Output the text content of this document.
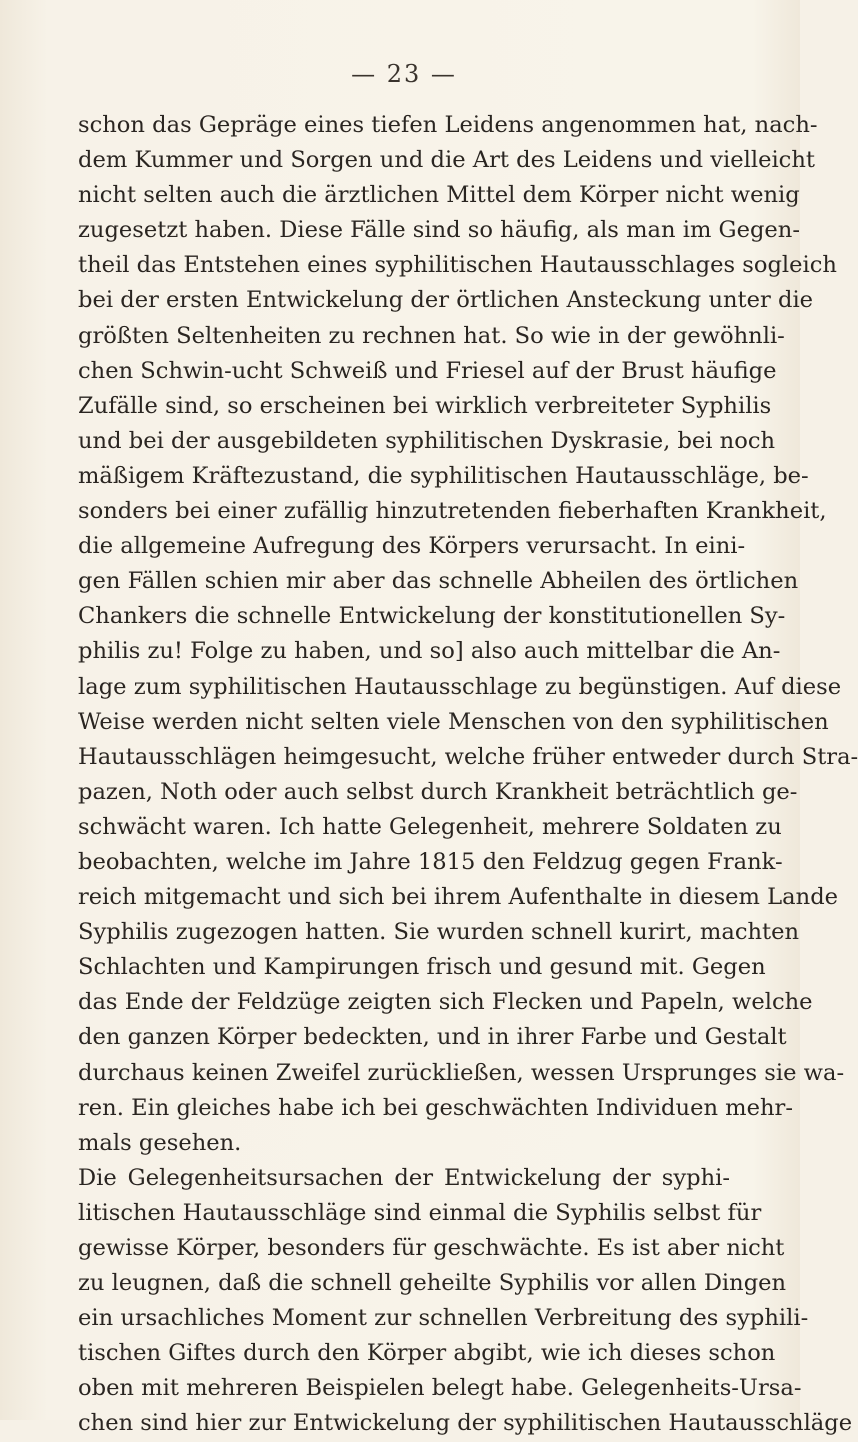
— 23 —
schon das Gepräge eines tiefen Leidens angenommen hat, nach-
dem Kummer und Sorgen und die Art des Leidens und vielleicht
nicht selten auch die ärztlichen Mittel dem Körper nicht wenig
zugesetzt haben. Diese Fälle sind so häufig, als man im Gegen-
theil das Entstehen eines syphilitischen Hautausschlages sogleich
bei der ersten Entwickelung der örtlichen Ansteckung unter die
größten Seltenheiten zu rechnen hat. So wie in der gewöhnli-
chen Schwin-ucht Schweiß und Friesel auf der Brust häufige
Zufälle sind, so erscheinen bei wirklich verbreiteter Syphilis
und bei der ausgebildeten syphilitischen Dyskrasie, bei noch
mäßigem Kräftezustand, die syphilitischen Hautausschläge, be-
sonders bei einer zufällig hinzutretenden fieberhaften Krankheit,
die allgemeine Aufregung des Körpers verursacht. In eini-
gen Fällen schien mir aber das schnelle Abheilen des örtlichen
Chankers die schnelle Entwickelung der konstitutionellen Sy-
philis zu! Folge zu haben, und so] also auch mittelbar die An-
lage zum syphilitischen Hautausschlage zu begünstigen. Auf diese
Weise werden nicht selten viele Menschen von den syphilitischen
Hautausschlägen heimgesucht, welche früher entweder durch Stra-
pazen, Noth oder auch selbst durch Krankheit beträchtlich ge-
schwächt waren. Ich hatte Gelegenheit, mehrere Soldaten zu
beobachten, welche im Jahre 1815 den Feldzug gegen Frank-
reich mitgemacht und sich bei ihrem Aufenthalte in diesem Lande
Syphilis zugezogen hatten. Sie wurden schnell kurirt, machten
Schlachten und Kampirungen frisch und gesund mit. Gegen
das Ende der Feldzüge zeigten sich Flecken und Papeln, welche
den ganzen Körper bedeckten, und in ihrer Farbe und Gestalt
durchaus keinen Zweifel zurückließen, wessen Ursprunges sie wa-
ren. Ein gleiches habe ich bei geschwächten Individuen mehr-
mals gesehen.
Die Gelegenheitsursachen der Entwickelung der syphi-
litischen Hautausschläge sind einmal die Syphilis selbst für
gewisse Körper, besonders für geschwächte. Es ist aber nicht
zu leugnen, daß die schnell geheilte Syphilis vor allen Dingen
ein ursachliches Moment zur schnellen Verbreitung des syphili-
tischen Giftes durch den Körper abgibt, wie ich dieses schon
oben mit mehreren Beispielen belegt habe. Gelegenheits-Ursa-
chen sind hier zur Entwickelung der syphilitischen Hautausschläge
